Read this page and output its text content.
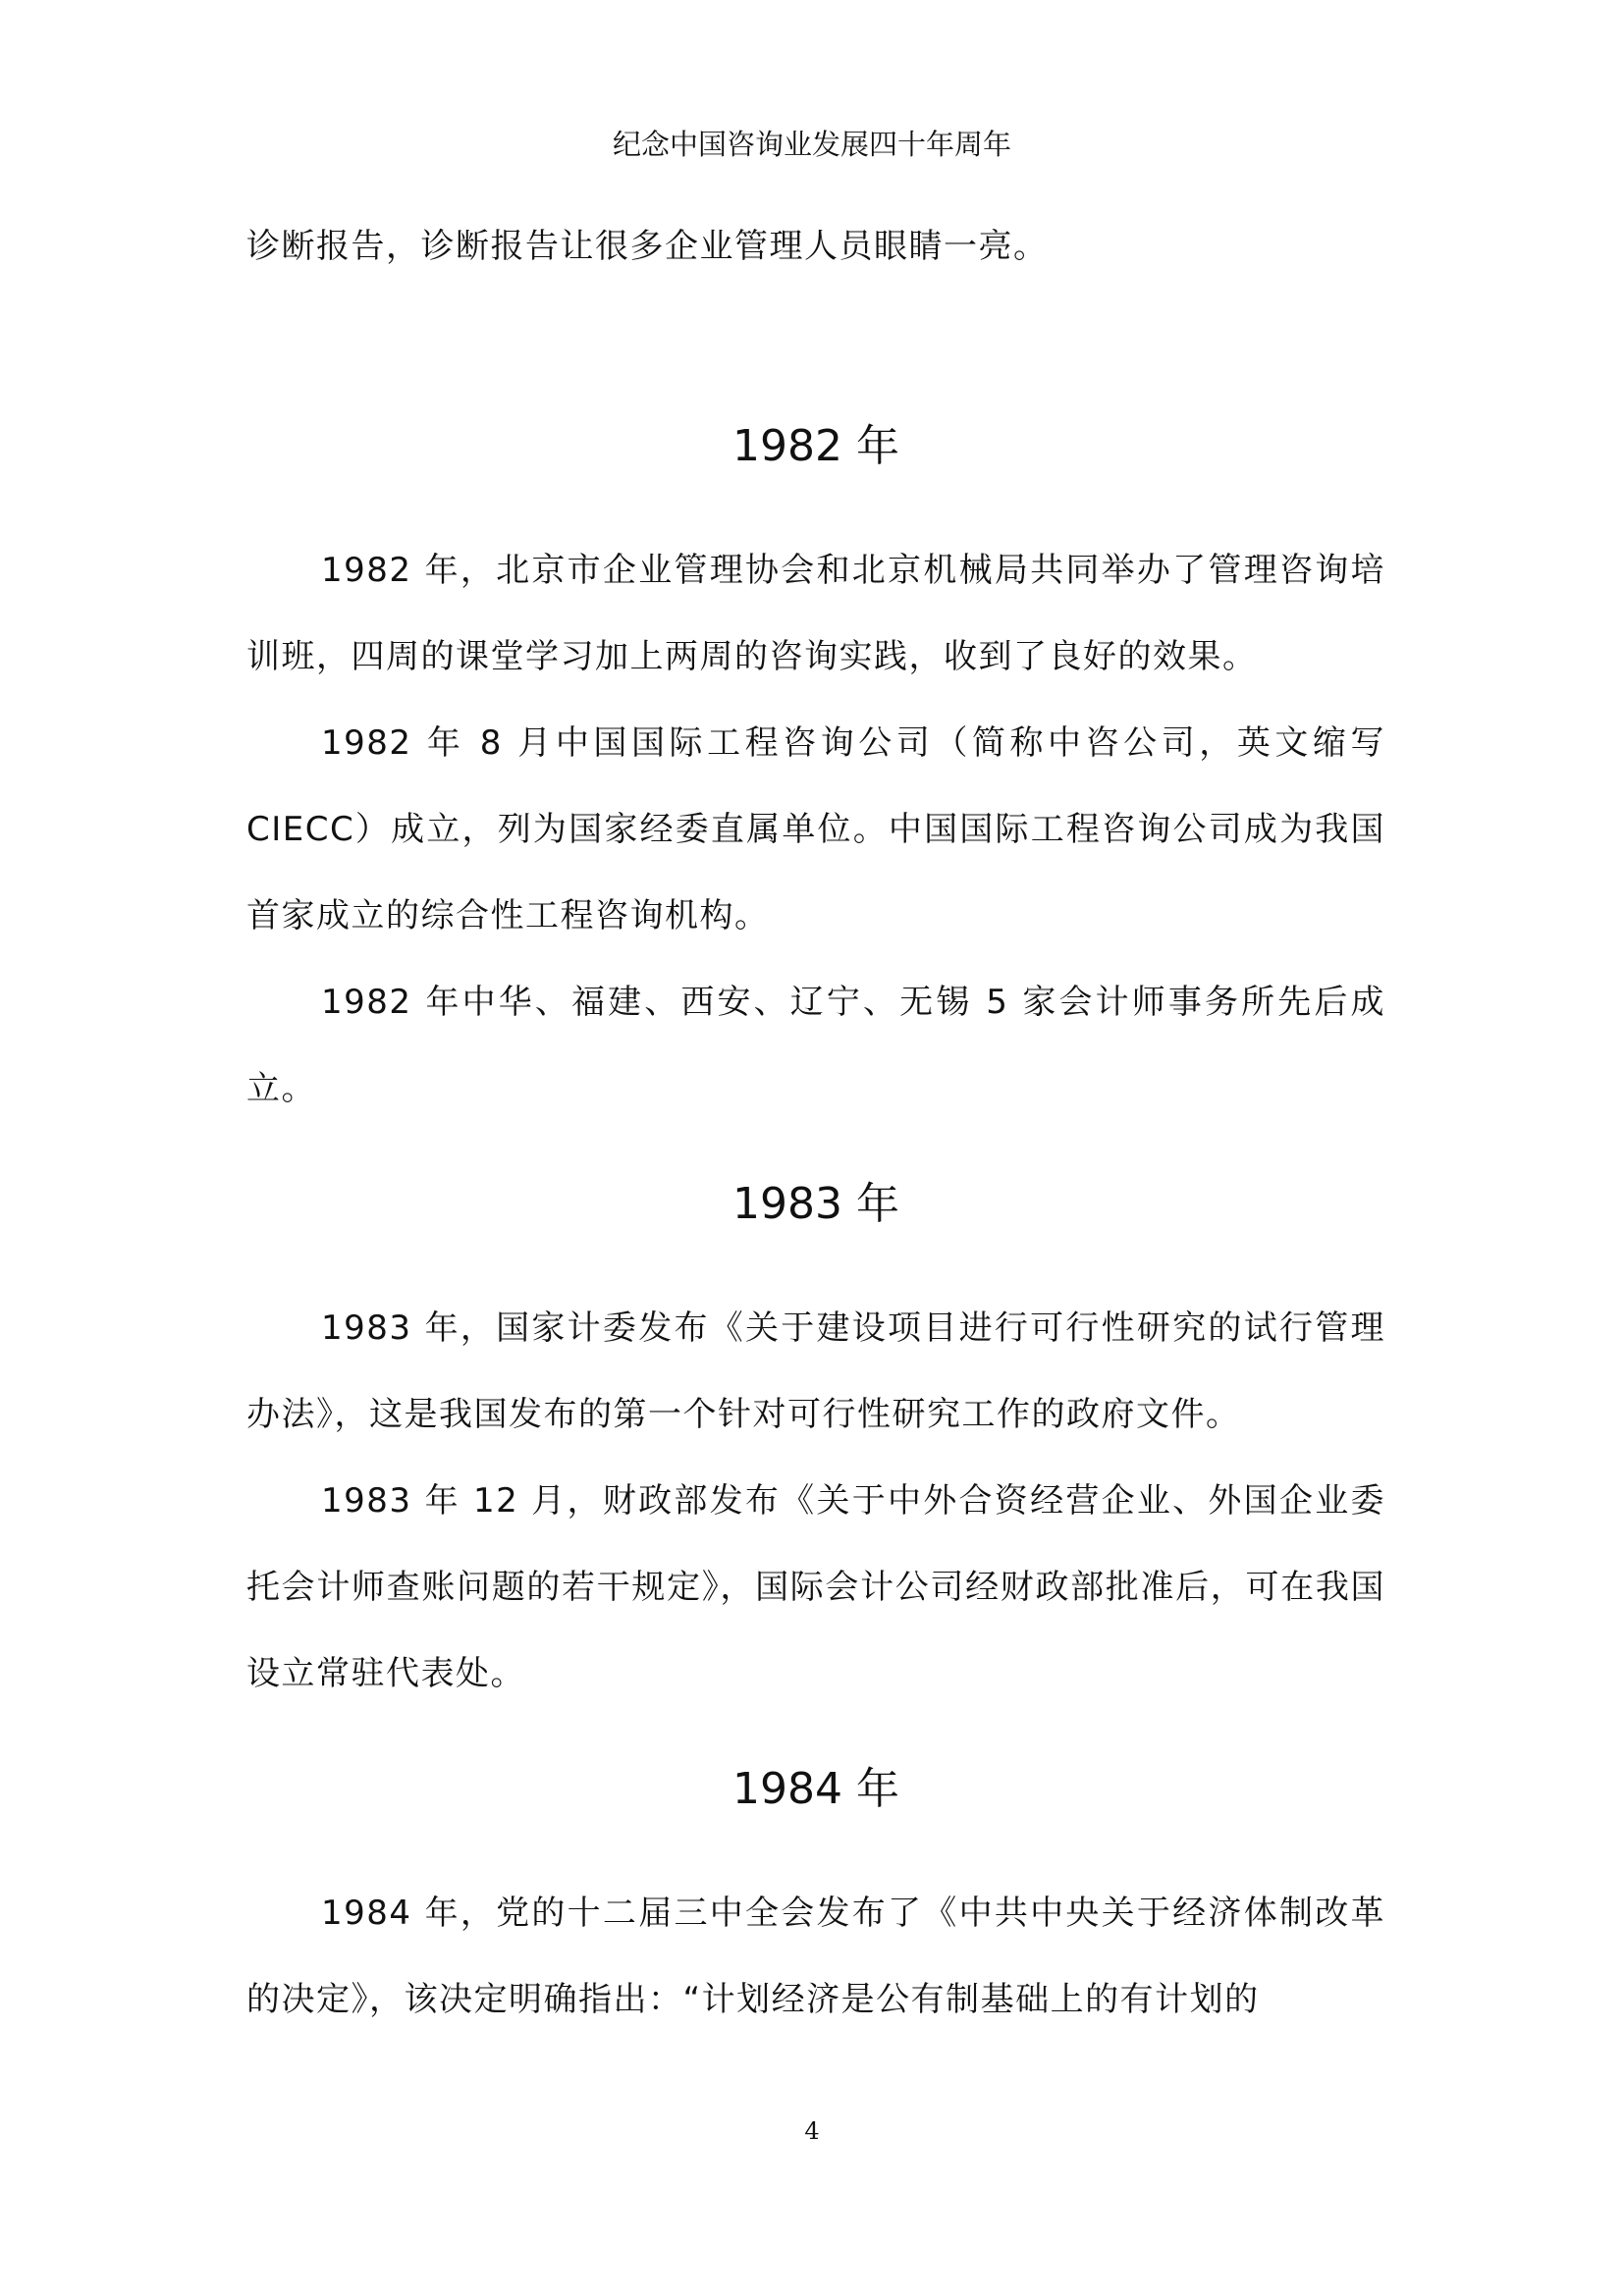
纪念中国咨询业发展四十年周年

诊断报告，诊断报告让很多企业管理人员眼睛一亮。

1982 年

1982 年，北京市企业管理协会和北京机械局共同举办了管理咨询培训班，四周的课堂学习加上两周的咨询实践，收到了良好的效果。

1982 年 8 月中国国际工程咨询公司（简称中咨公司，英文缩写CIECC）成立，列为国家经委直属单位。中国国际工程咨询公司成为我国首家成立的综合性工程咨询机构。

1982 年中华、福建、西安、辽宁、无锡 5 家会计师事务所先后成立。

1983 年

1983 年，国家计委发布《关于建设项目进行可行性研究的试行管理办法》，这是我国发布的第一个针对可行性研究工作的政府文件。

1983 年 12 月，财政部发布《关于中外合资经营企业、外国企业委托会计师查账问题的若干规定》，国际会计公司经财政部批准后，可在我国设立常驻代表处。

1984 年

1984 年，党的十二届三中全会发布了《中共中央关于经济体制改革的决定》，该决定明确指出：“计划经济是公有制基础上的有计划的

4
